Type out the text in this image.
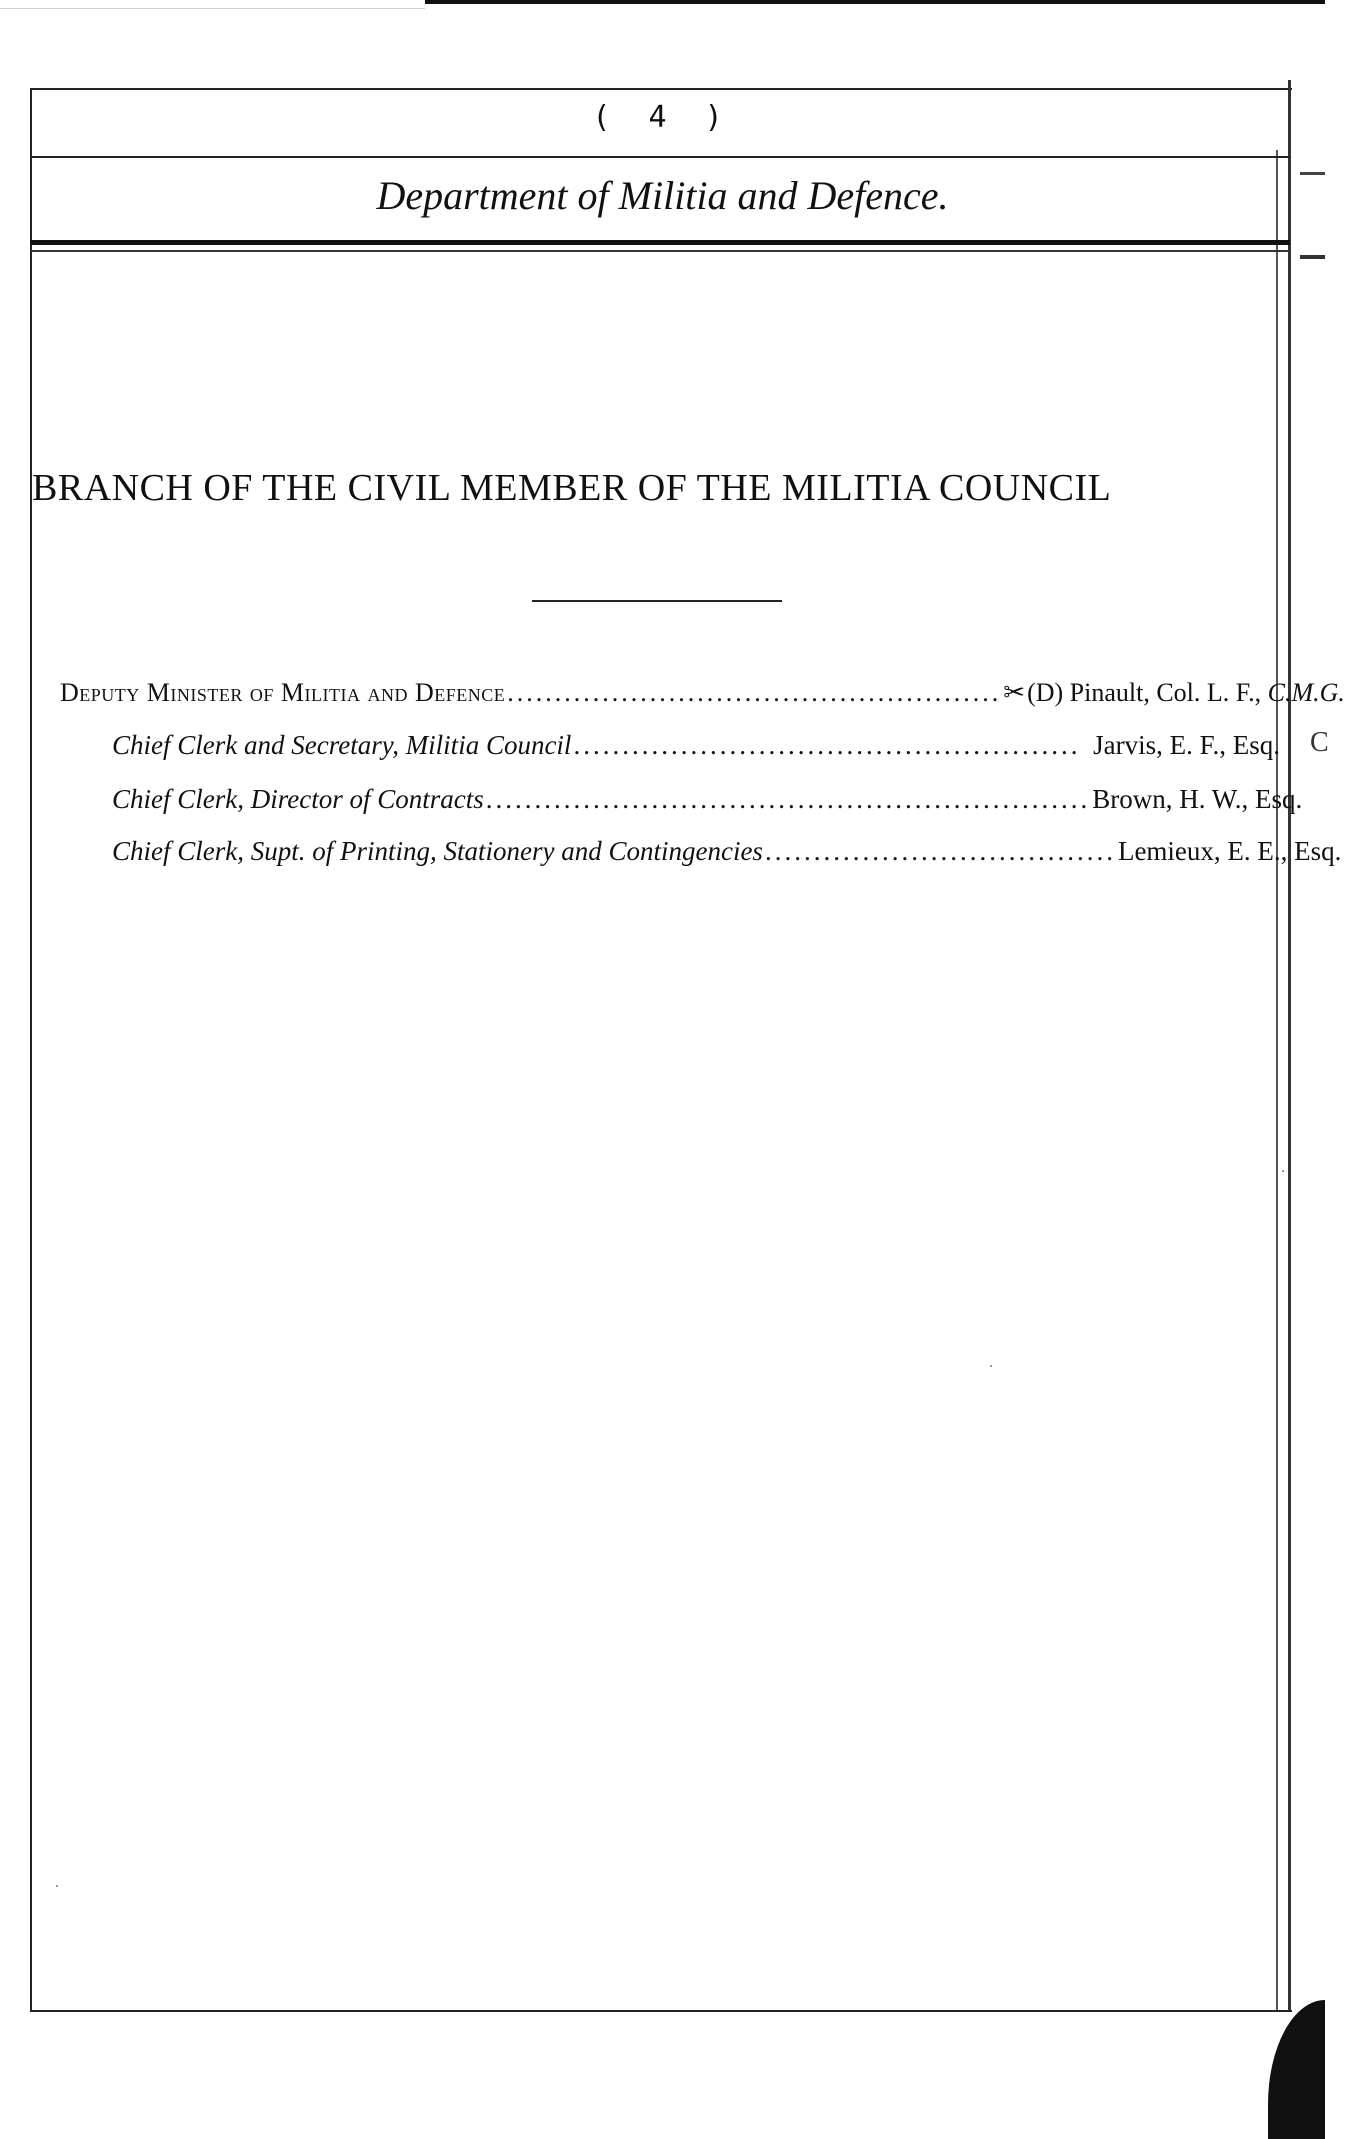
( 4 )
Department of Militia and Defence.
BRANCH OF THE CIVIL MEMBER OF THE MILITIA COUNCIL
Deputy Minister of Militia and Defence .................................................... ✂(D) Pinault, Col. L. F., C.M.G.
Chief Clerk and Secretary, Militia Council .................................................... Jarvis, E. F., Esq.
Chief Clerk, Director of Contracts .............................................................. Brown, H. W., Esq.
Chief Clerk, Supt. of Printing, Stationery and Contingencies .................................... Lemieux, E. E., Esq.
C
